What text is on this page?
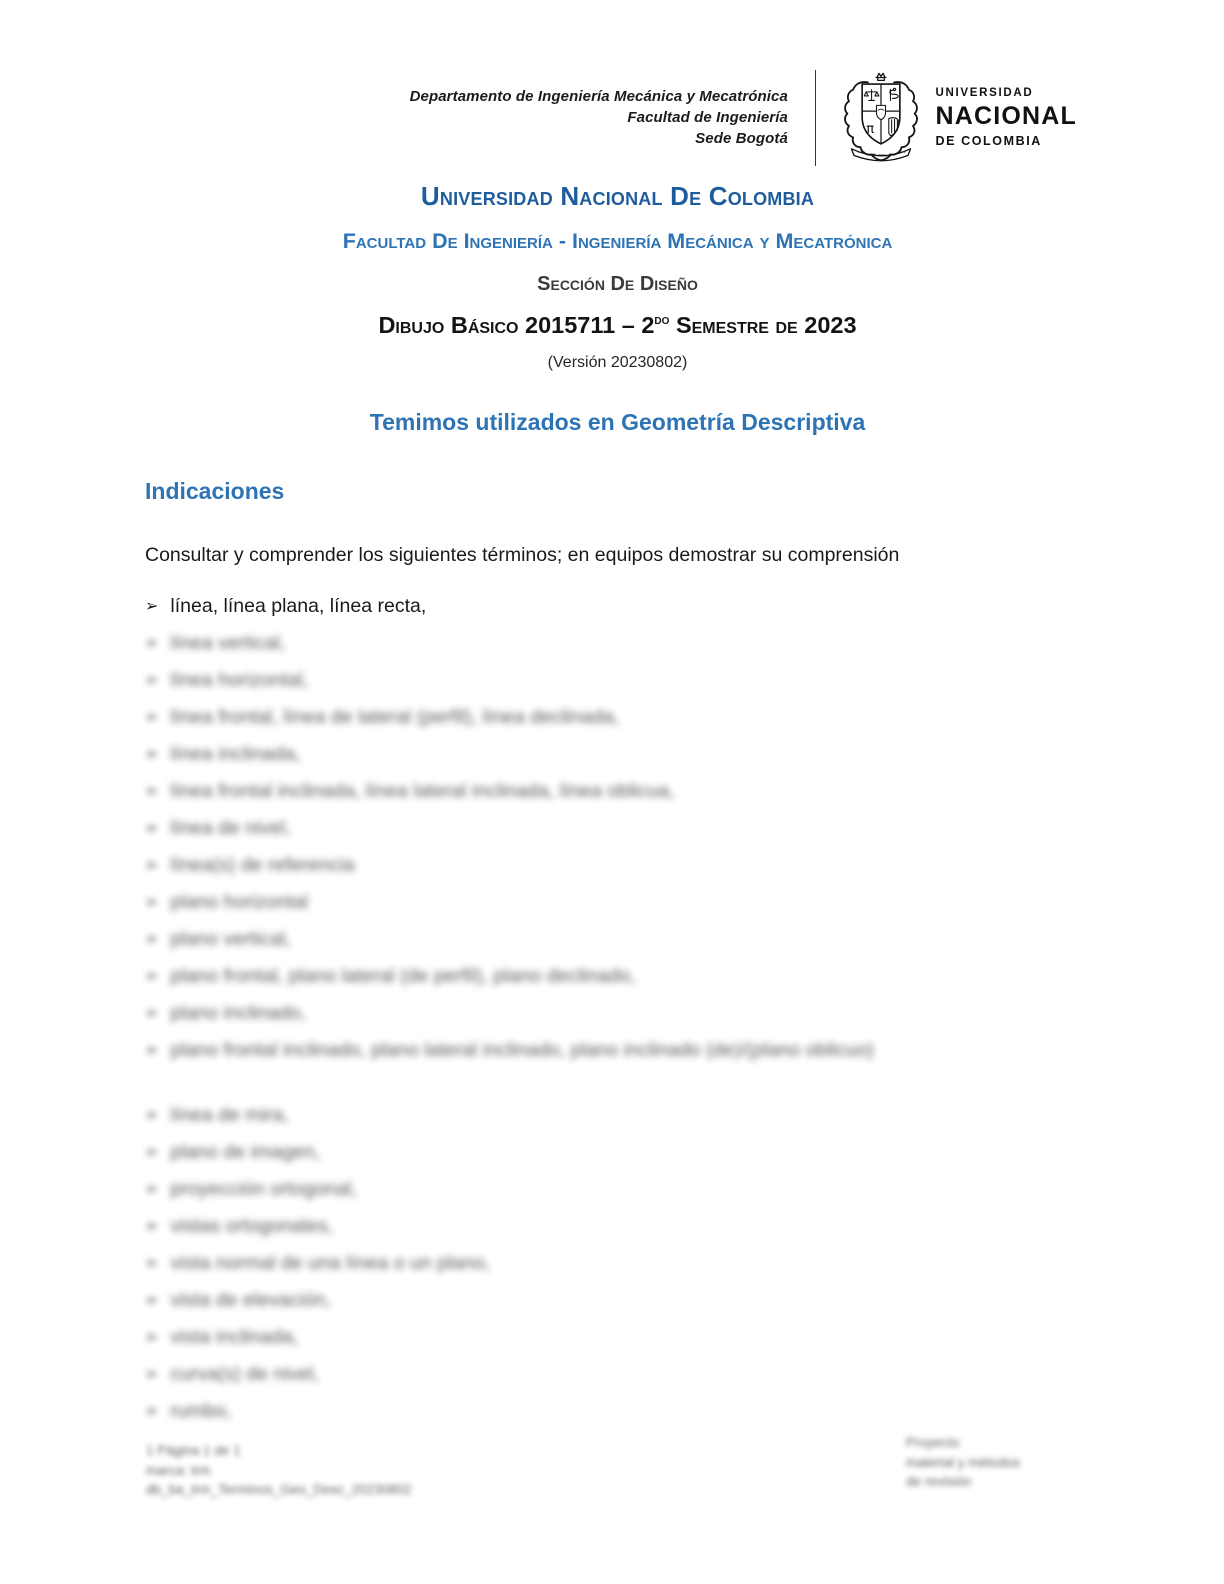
Departamento de Ingeniería Mecánica y Mecatrónica
Facultad de Ingeniería
Sede Bogotá
π
UNIVERSIDAD
NACIONAL
DE COLOMBIA
Universidad Nacional De Colombia
Facultad De Ingeniería - Ingeniería Mecánica y Mecatrónica
Sección De Diseño
Dibujo Básico $2015711 - 2^{do}$ Semestre de 2023
(Versión 20230802)
Temimos utilizados en Geometría Descriptiva
Indicaciones
Consultar y comprender los siguientes términos; en equipos demostrar su comprensión
➢ línea, línea plana, línea recta,
➢ línea vertical,
➢ línea horizontal,
➢ línea frontal, línea de lateral (perfil), línea declinada,
➢ línea inclinada,
➢ línea frontal inclinada, línea lateral inclinada, línea oblicua,
➢ línea de nivel,
➢ línea(s) de referencia
➢ plano horizontal
➢ plano vertical,
➢ plano frontal, plano lateral (de perfil), plano declinado,
➢ plano inclinado,
➢ plano frontal inclinado, plano lateral inclinado, plano inclinado (de)/(plano oblicuo)
➢ línea de mira,
➢ plano de imagen,
➢ proyección ortogonal,
➢ vistas ortogonales,
➢ vista normal de una línea o un plano,
➢ vista de elevación,
➢ vista inclinada,
➢ curva(s) de nivel,
➢ rumbo,
1 Página 1 de 1
marca: trm
db_ba_trm_Terminos_Geo_Desc_20230802
Proyecto
material y métodos
de revisión
